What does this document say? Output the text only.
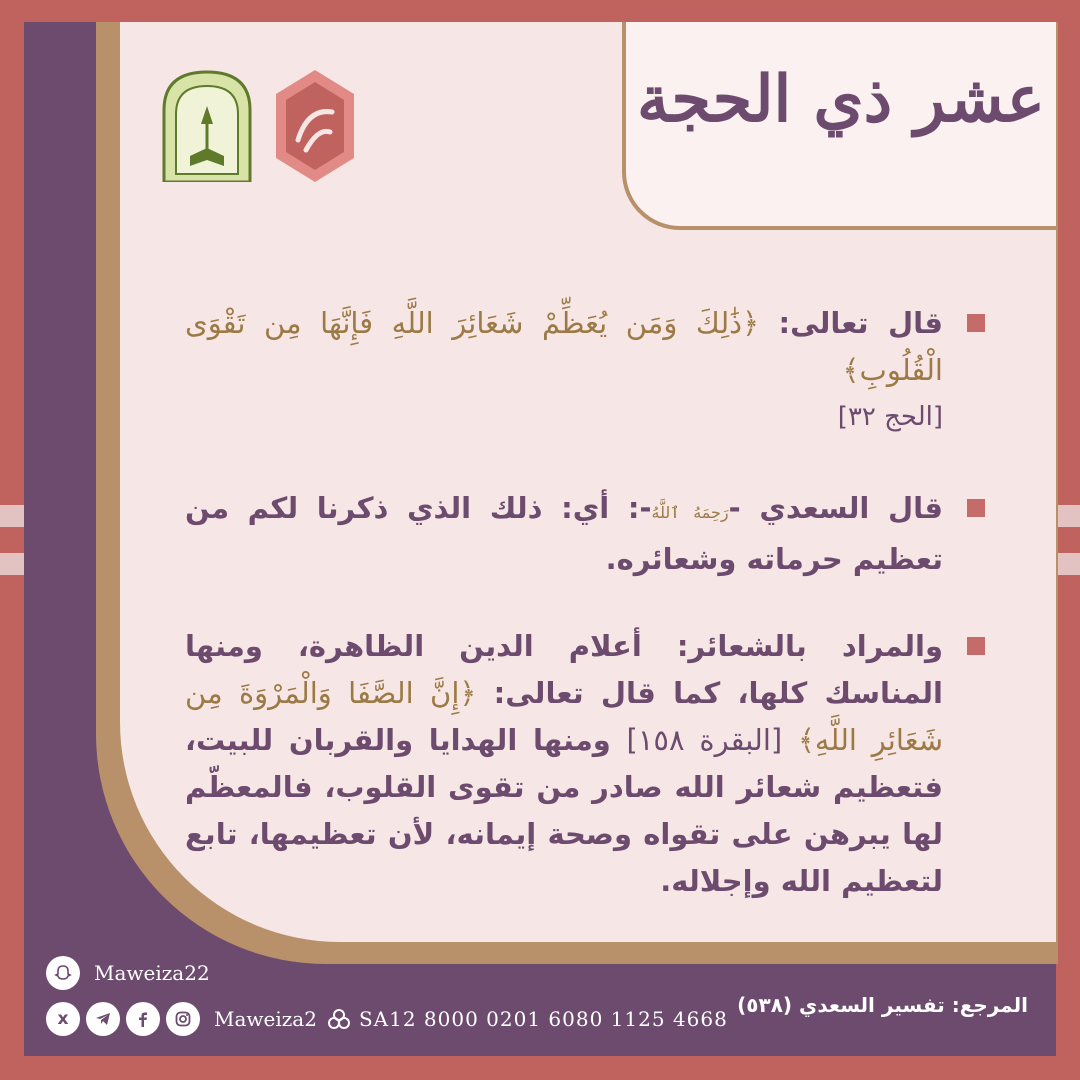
عشر ذي الحجة
قال تعالى: ﴿ذَٰلِكَ وَمَن يُعَظِّمْ شَعَائِرَ اللَّهِ فَإِنَّهَا مِن تَقْوَى الْقُلُوبِ﴾
[الحج ٣٢]
قال السعدي -رَحِمَهُ ٱللَّهُ-: أي: ذلك الذي ذكرنا لكم من تعظيم حرماته وشعائره.
والمراد بالشعائر: أعلام الدين الظاهرة، ومنها المناسك كلها، كما قال تعالى: ﴿إِنَّ الصَّفَا وَالْمَرْوَةَ مِن شَعَائِرِ اللَّهِ﴾ [البقرة ١٥٨] ومنها الهدايا والقربان للبيت، فتعظيم شعائر الله صادر من تقوى القلوب، فالمعظّم لها يبرهن على تقواه وصحة إيمانه، لأن تعظيمها، تابع لتعظيم الله وإجلاله.
Maweiza22
x	Maweiza2 SA12 8000 0201 6080 1125 4668
المرجع: تفسير السعدي (٥٣٨)
